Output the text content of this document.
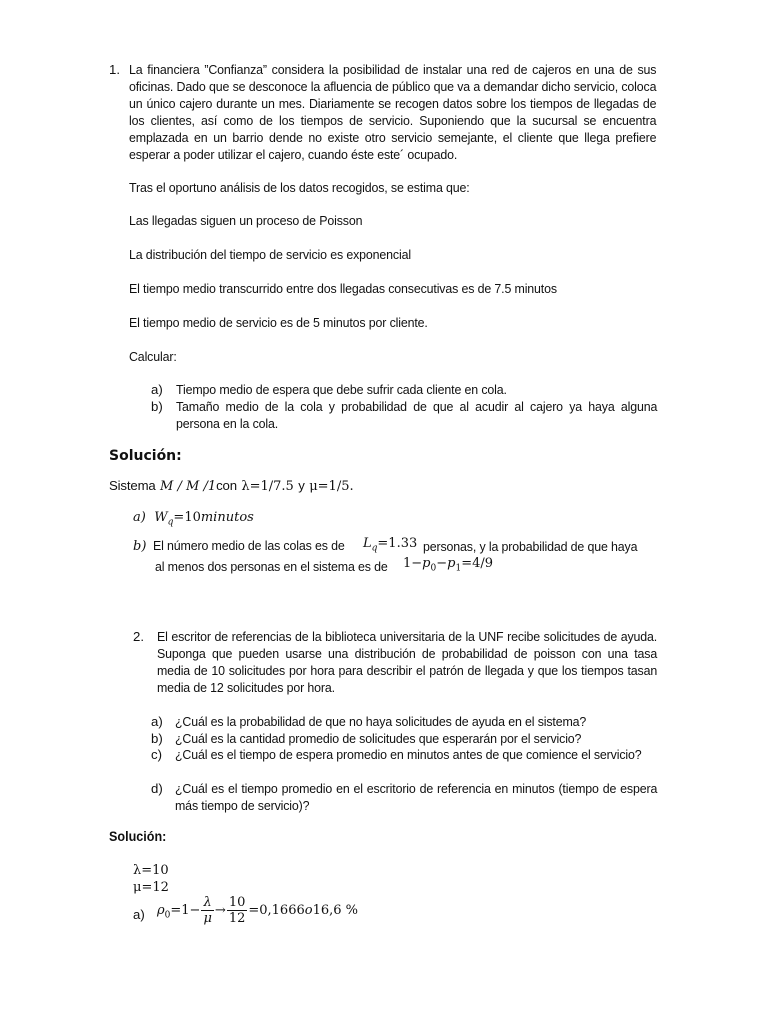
1. La financiera ”Confianza” considera la posibilidad de instalar una red de cajeros en una de sus oficinas. Dado que se desconoce la afluencia de público que va a demandar dicho servicio, coloca un único cajero durante un mes. Diariamente se recogen datos sobre los tiempos de llegadas de los clientes, así como de los tiempos de servicio. Suponiendo que la sucursal se encuentra emplazada en un barrio dende no existe otro servicio semejante, el cliente que llega prefiere esperar a poder utilizar el cajero, cuando éste este´ ocupado.
Tras el oportuno análisis de los datos recogidos, se estima que:
Las llegadas siguen un proceso de Poisson
La distribución del tiempo de servicio es exponencial
El tiempo medio transcurrido entre dos llegadas consecutivas es de 7.5 minutos
El tiempo medio de servicio es de 5 minutos por cliente.
Calcular:
a) Tiempo medio de espera que debe sufrir cada cliente en cola.
b) Tamaño medio de la cola y probabilidad de que al acudir al cajero ya haya alguna persona en la cola.
Solución:
Sistema M / M /1con λ=1/7.5 y μ=1/5.
a) $W_q=10minutos$
b) El número medio de las colas es de	$L_q=1.33$ personas, y la probabilidad de que haya
al menos dos personas en el sistema es de $1-p_0-p_1=4/9$
2. El escritor de referencias de la biblioteca universitaria de la UNF recibe solicitudes de ayuda. Suponga que pueden usarse una distribución de probabilidad de poisson con una tasa media de 10 solicitudes por hora para describir el patrón de llegada y que los tiempos tasan media de 12 solicitudes por hora.
a) ¿Cuál es la probabilidad de que no haya solicitudes de ayuda en el sistema?
b) ¿Cuál es la cantidad promedio de solicitudes que esperarán por el servicio?
c) ¿Cuál es el tiempo de espera promedio en minutos antes de que comience el servicio?
d) ¿Cuál es el tiempo promedio en el escritorio de referencia en minutos (tiempo de espera más tiempo de servicio)?
Solución:
λ=10
μ=12
a) $\rho_0=1- \frac{\lambda}{\mu} \to \frac{10}{12} =0,1666o16,6$ %
